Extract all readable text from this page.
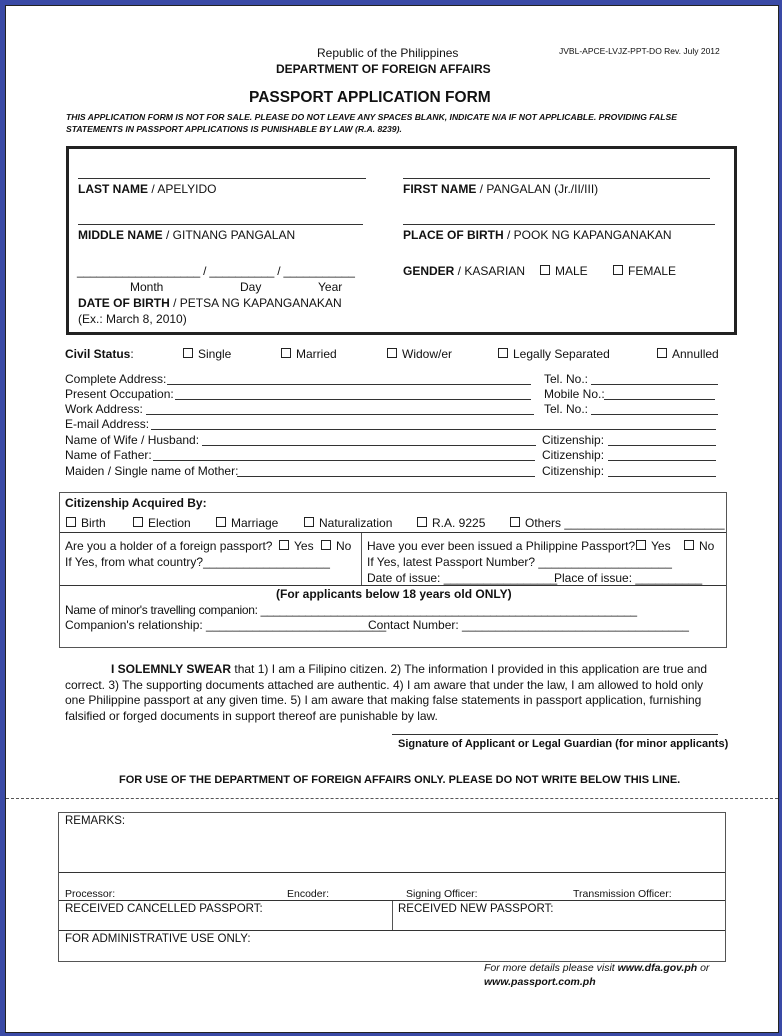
Republic of the Philippines
DEPARTMENT OF FOREIGN AFFAIRS
JVBL-APCE-LVJZ-PPT-DO Rev. July 2012
PASSPORT APPLICATION FORM
THIS APPLICATION FORM IS NOT FOR SALE. PLEASE DO NOT LEAVE ANY SPACES BLANK, INDICATE N/A IF NOT APPLICABLE. PROVIDING FALSE
STATEMENTS IN PASSPORT APPLICATIONS IS PUNISHABLE BY LAW (R.A. 8239).
LAST NAME / APELYIDO	FIRST NAME / PANGALAN (Jr./II/III)
MIDDLE NAME / GITNANG PANGALAN	PLACE OF BIRTH / POOK NG KAPANGANAKAN
___________________ / __________ / ___________
Month	Day	Year
DATE OF BIRTH / PETSA NG KAPANGANAKAN
(Ex.: March 8, 2010)
GENDER / KASARIAN	MALE	FEMALE
Civil Status:	Single	Married	Widow/er	Legally Separated	Annulled
Complete Address:	Tel. No.:
Present Occupation:	Mobile No.:
Work Address:	Tel. No.:
E-mail Address:
Name of Wife / Husband:	Citizenship:
Name of Father:	Citizenship:
Maiden / Single name of Mother:	Citizenship:
Citizenship Acquired By:
Birth	Election	Marriage	Naturalization	R.A. 9225	Others ________________________
Are you a holder of a foreign passport?	Yes	No
If Yes, from what country?___________________
Have you ever been issued a Philippine Passport?	Yes	No
If Yes, latest Passport Number? ____________________
Date of issue: _________________
Place of issue: __________
(For applicants below 18 years old ONLY)
Name of minor's travelling companion: ___________________________________________________________
Companion's relationship: ___________________________
Contact Number: __________________________________
I SOLEMNLY SWEAR that 1) I am a Filipino citizen. 2) The information I provided in this application are true and correct. 3) The supporting documents attached are authentic. 4) I am aware that under the law, I am allowed to hold only one Philippine passport at any given time. 5) I am aware that making false statements in passport application, furnishing falsified or forged documents in support thereof are punishable by law.
Signature of Applicant or Legal Guardian (for minor applicants)
FOR USE OF THE DEPARTMENT OF FOREIGN AFFAIRS ONLY. PLEASE DO NOT WRITE BELOW THIS LINE.
REMARKS:
Processor:	Encoder:	Signing Officer:	Transmission Officer:
RECEIVED CANCELLED PASSPORT:	RECEIVED NEW PASSPORT:
FOR ADMINISTRATIVE USE ONLY:
For more details please visit www.dfa.gov.ph or
www.passport.com.ph
